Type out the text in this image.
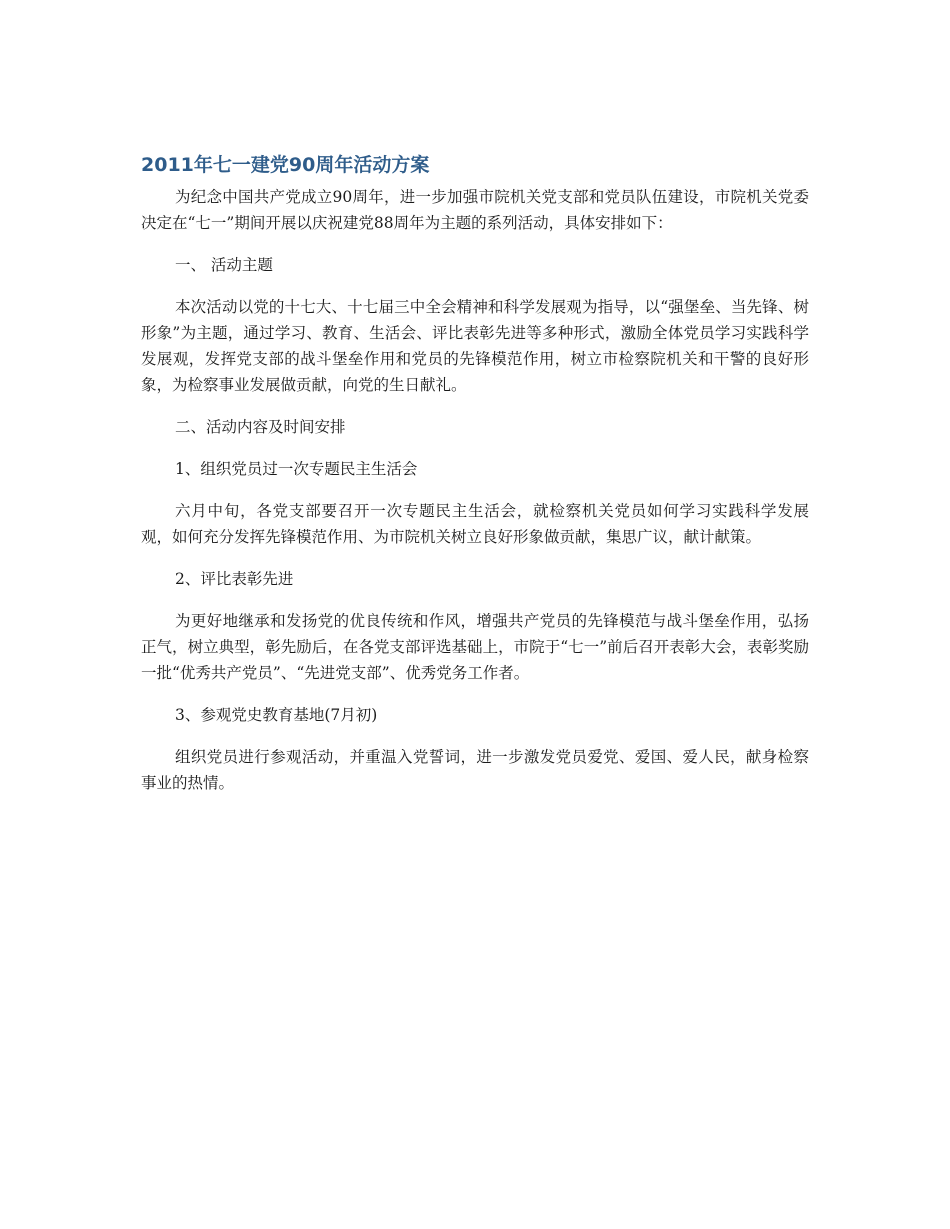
2011年七一建党90周年活动方案

为纪念中国共产党成立90周年，进一步加强市院机关党支部和党员队伍建设，市院机关党委决定在“七一”期间开展以庆祝建党88周年为主题的系列活动，具体安排如下：

一、 活动主题

本次活动以党的十七大、十七届三中全会精神和科学发展观为指导，以“强堡垒、当先锋、树形象”为主题，通过学习、教育、生活会、评比表彰先进等多种形式，激励全体党员学习实践科学发展观，发挥党支部的战斗堡垒作用和党员的先锋模范作用，树立市检察院机关和干警的良好形象，为检察事业发展做贡献，向党的生日献礼。

二、活动内容及时间安排

1、组织党员过一次专题民主生活会

六月中旬，各党支部要召开一次专题民主生活会，就检察机关党员如何学习实践科学发展观，如何充分发挥先锋模范作用、为市院机关树立良好形象做贡献，集思广议，献计献策。

2、评比表彰先进

为更好地继承和发扬党的优良传统和作风，增强共产党员的先锋模范与战斗堡垒作用，弘扬正气，树立典型，彰先励后，在各党支部评选基础上，市院于“七一”前后召开表彰大会，表彰奖励一批“优秀共产党员”、“先进党支部”、优秀党务工作者。

3、参观党史教育基地(7月初)

组织党员进行参观活动，并重温入党誓词，进一步激发党员爱党、爱国、爱人民，献身检察事业的热情。
